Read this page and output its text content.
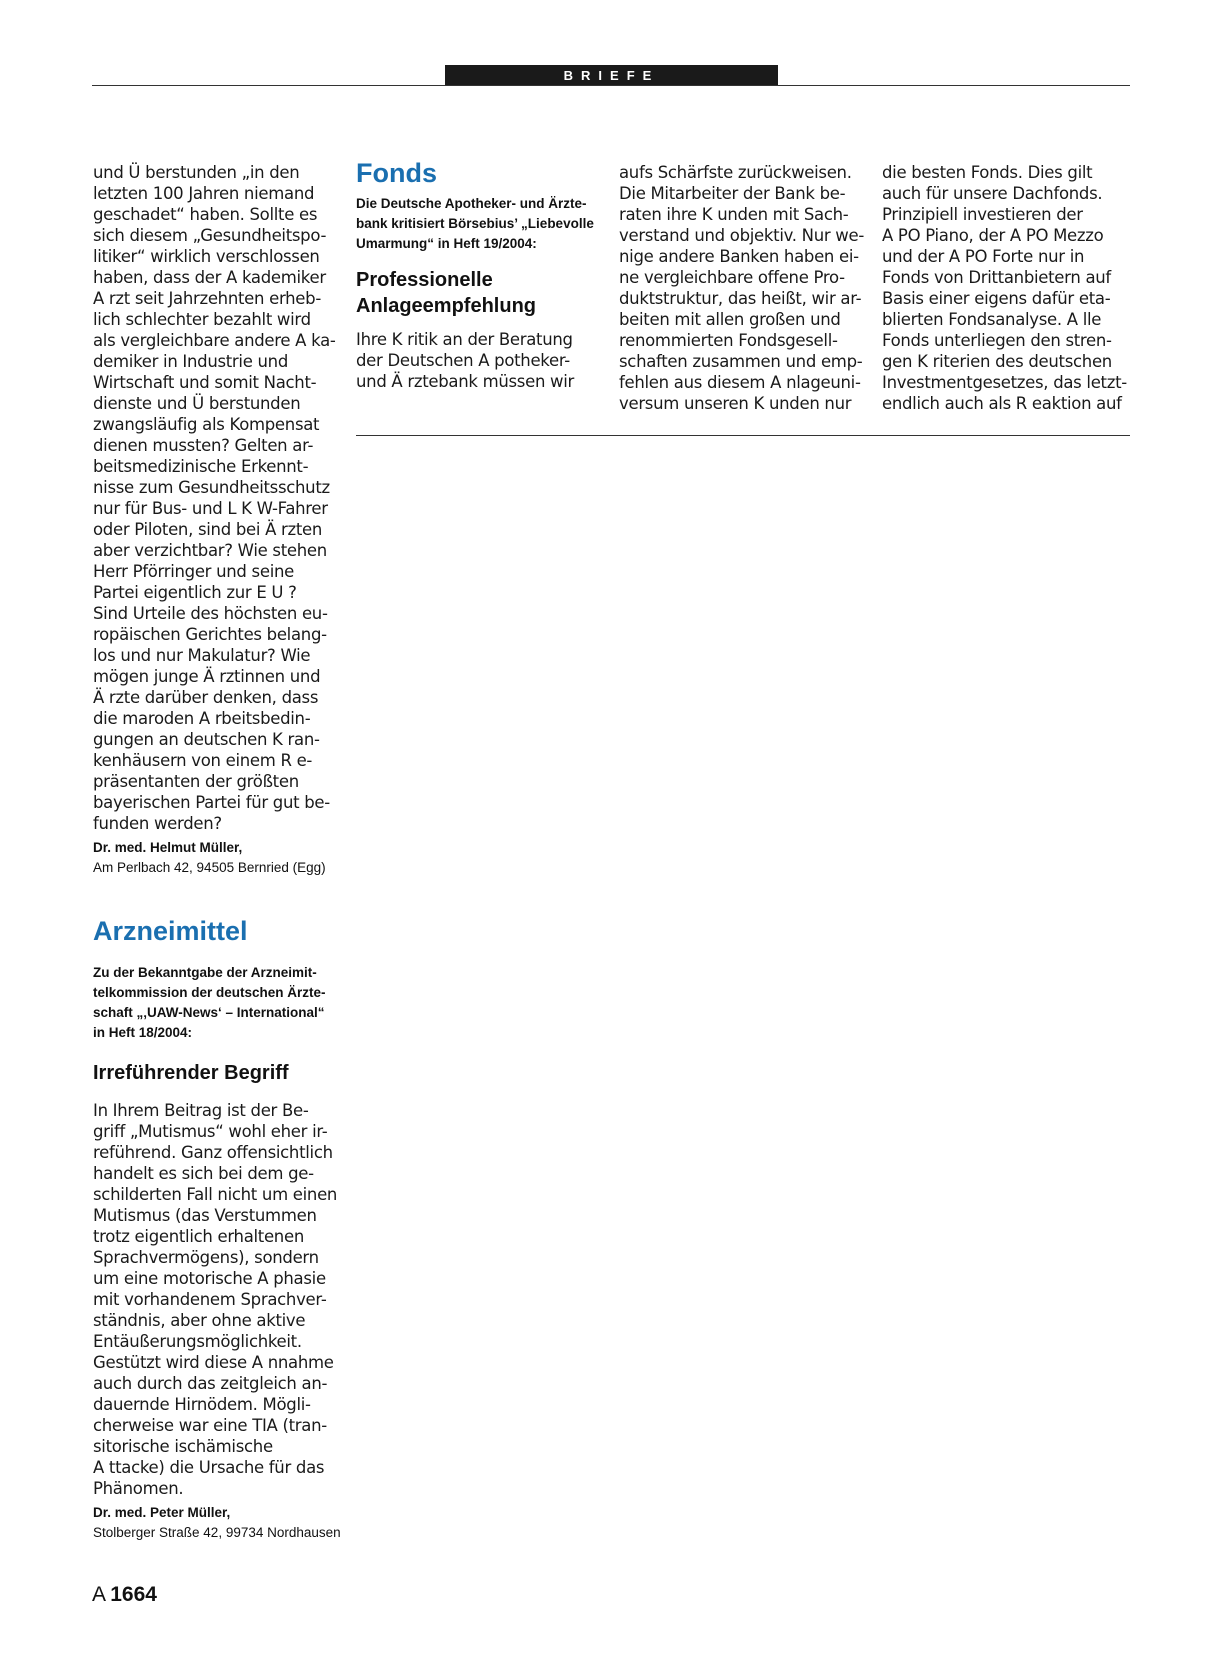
BRIEFE
und Ü berstunden „in den
letzten 100 Jahren niemand
geschadet“ haben. Sollte es
sich diesem „Gesundheitspo-
litiker“ wirklich verschlossen
haben, dass der A kademiker
A rzt seit Jahrzehnten erheb-
lich schlechter bezahlt wird
als vergleichbare andere A ka-
demiker in Industrie und
Wirtschaft und somit Nacht-
dienste und Ü berstunden
zwangsläufig als Kompensat
dienen mussten? Gelten ar-
beitsmedizinische Erkennt-
nisse zum Gesundheitsschutz
nur für Bus- und L K W-Fahrer
oder Piloten, sind bei Ä rzten
aber verzichtbar? Wie stehen
Herr Pförringer und seine
Partei eigentlich zur E U ?
Sind Urteile des höchsten eu-
ropäischen Gerichtes belang-
los und nur Makulatur? Wie
mögen junge Ä rztinnen und
Ä rzte darüber denken, dass
die maroden A rbeitsbedin-
gungen an deutschen K ran-
kenhäusern von einem R e-
präsentanten der größten
bayerischen Partei für gut be-
funden werden?
Dr. med. Helmut Müller,
Am Perlbach 42, 94505 Bernried (Egg)
Arzneimittel
Zu der Bekanntgabe der Arzneimit-
telkommission der deutschen Ärzte-
schaft „‚UAW-News‘ – International“
in Heft 18/2004:
Irreführender Begriff
In Ihrem Beitrag ist der Be-
griff „Mutismus“ wohl eher ir-
reführend. Ganz offensichtlich
handelt es sich bei dem ge-
schilderten Fall nicht um einen
Mutismus (das Verstummen
trotz eigentlich erhaltenen
Sprachvermögens), sondern
um eine motorische A phasie
mit vorhandenem Sprachver-
ständnis, aber ohne aktive
Entäußerungsmöglichkeit.
Gestützt wird diese A nnahme
auch durch das zeitgleich an-
dauernde Hirnödem. Mögli-
cherweise war eine TIA (tran-
sitorische ischämische
A ttacke) die Ursache für das
Phänomen.
Dr. med. Peter Müller,
Stolberger Straße 42, 99734 Nordhausen
Fonds
Die Deutsche Apotheker- und Ärzte-
bank kritisiert Börsebius’ „Liebevolle
Umarmung“ in Heft 19/2004:
Professionelle
Anlageempfehlung
Ihre K ritik an der Beratung
der Deutschen A potheker-
und Ä rztebank müssen wir
aufs Schärfste zurückweisen.
Die Mitarbeiter der Bank be-
raten ihre K unden mit Sach-
verstand und objektiv. Nur we-
nige andere Banken haben ei-
ne vergleichbare offene Pro-
duktstruktur, das heißt, wir ar-
beiten mit allen großen und
renommierten Fondsgesell-
schaften zusammen und emp-
fehlen aus diesem A nlageuni-
versum unseren K unden nur
die besten Fonds. Dies gilt
auch für unsere Dachfonds.
Prinzipiell investieren der
A PO Piano, der A PO Mezzo
und der A PO Forte nur in
Fonds von Drittanbietern auf
Basis einer eigens dafür eta-
blierten Fondsanalyse. A lle
Fonds unterliegen den stren-
gen K riterien des deutschen
Investmentgesetzes, das letzt-
endlich auch als R eaktion auf
A  1664
